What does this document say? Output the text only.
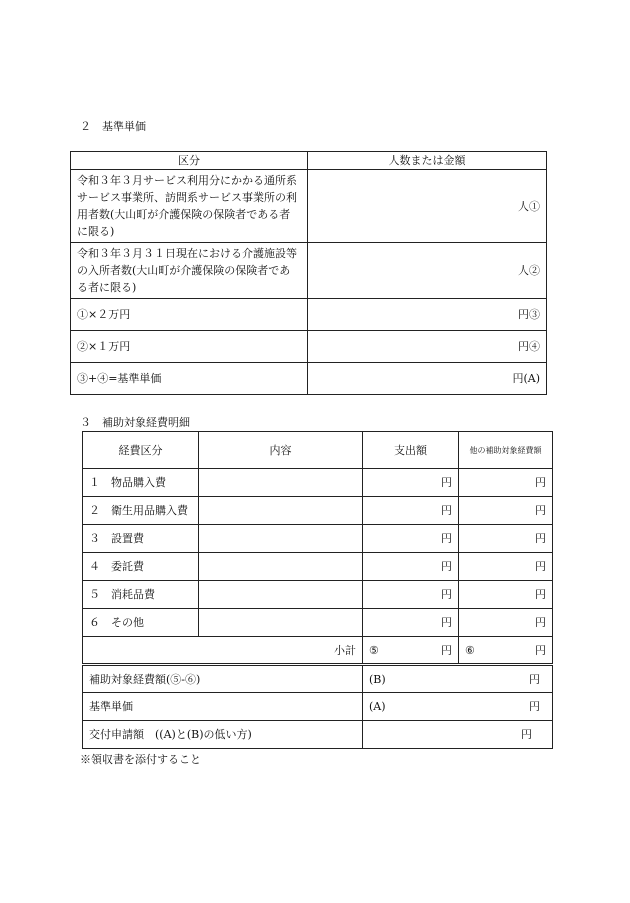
２　基準単価
区分	人数または金額
令和３年３月サービス利用分にかかる通所系サービス事業所、訪問系サービス事業所の利用者数(大山町が介護保険の保険者である者に限る)	人①
令和３年３月３１日現在における介護施設等の入所者数(大山町が介護保険の保険者である者に限る)	人②
①×２万円	円③
②×１万円	円④
③+④=基準単価	円(A)
３　補助対象経費明細
経費区分	内容	支出額	他の補助対象経費額
１　物品購入費		円	円
２　衛生用品購入費		円	円
３　設置費		円	円
４　委託費		円	円
５　消耗品費		円	円
６　その他		円	円
小計		⑤ 円	⑥ 円

補助対象経費額(⑤-⑥)		(B) 円	

基準単価		(A) 円	

交付申請額　((A)と(B)の低い方)		円	
※領収書を添付すること
